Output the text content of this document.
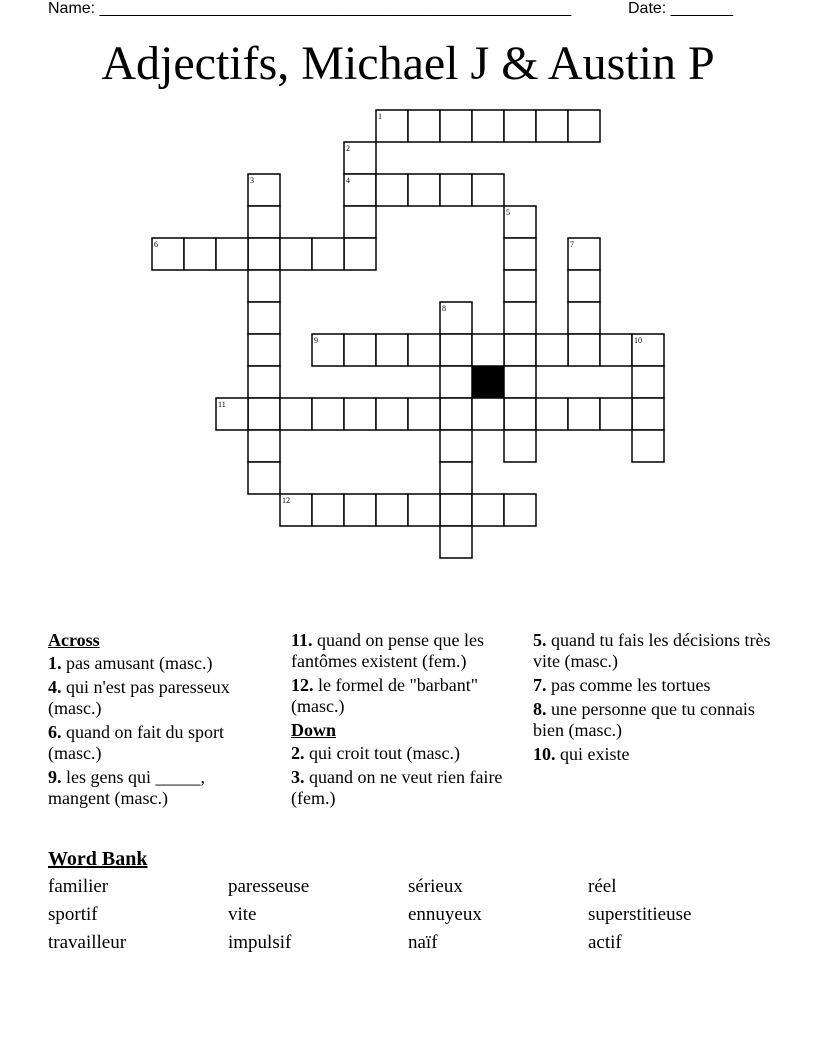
Name: _____________________________________________________	Date: _______
Adjectifs, Michael J & Austin P
1
2
3	4
5
6	7
8
9	10
11
12
Across
1. pas amusant (masc.)
4. qui n'est pas paresseux (masc.)
6. quand on fait du sport (masc.)
9. les gens qui _____, mangent (masc.)
11. quand on pense que les fantômes existent (fem.)
12. le formel de "barbant" (masc.)
Down
2. qui croit tout (masc.)
3. quand on ne veut rien faire (fem.)
5. quand tu fais les décisions très vite (masc.)
7. pas comme les tortues
8. une personne que tu connais bien (masc.)
10. qui existe
Word Bank
familier	paresseuse	sérieux	réel
sportif	vite	ennuyeux	superstitieuse
travailleur	impulsif	naïf	actif
